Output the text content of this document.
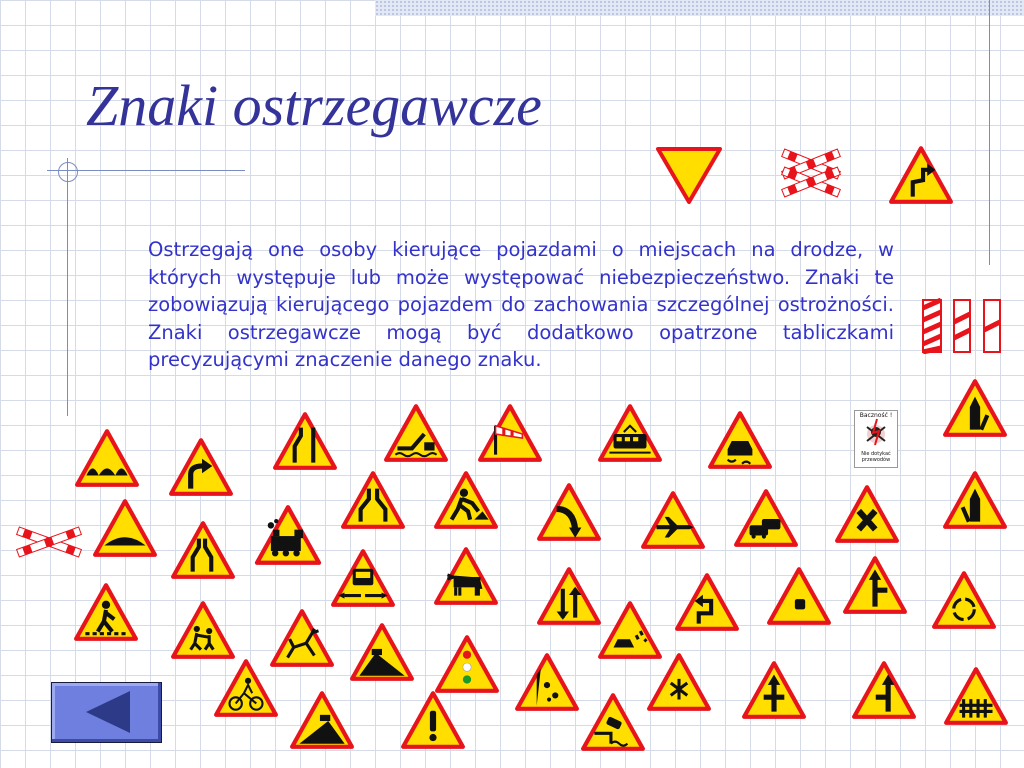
Znaki ostrzegawcze

Ostrzegają one osoby kierujące pojazdami o miejscach na drodze, w których występuje lub może występować niebezpieczeństwo. Znaki te zobowiązują kierującego pojazdem do zachowania szczególnej ostrożności. Znaki ostrzegawcze mogą być dodatkowo opatrzone tabliczkami precyzującymi znaczenie danego znaku.

Baczność !
Nie dotykać przewodów
